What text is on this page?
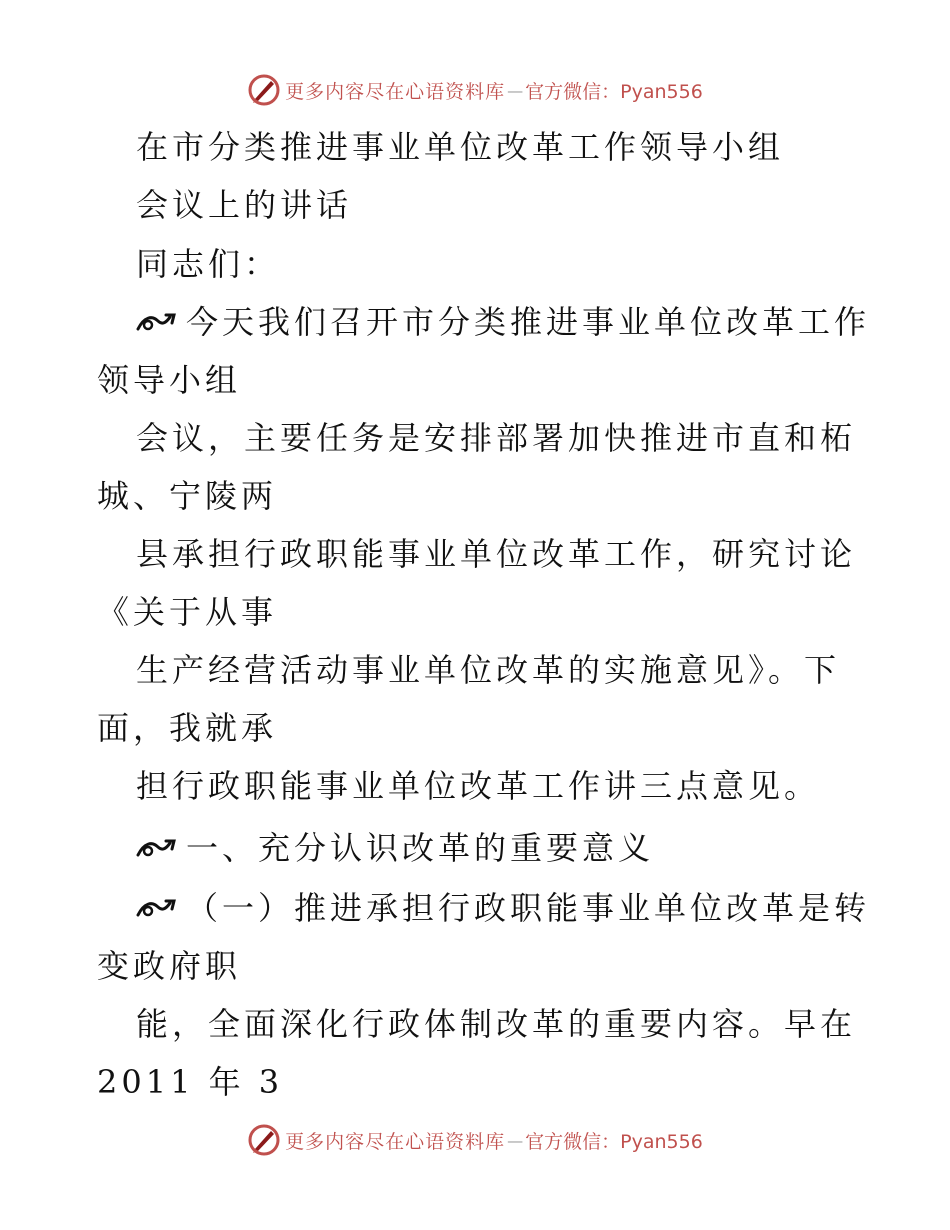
更多内容尽在心语资料库 — 官方微信：Pyan556
在市分类推进事业单位改革工作领导小组
会议上的讲话
同志们：
今天我们召开市分类推进事业单位改革工作
领导小组
会议，主要任务是安排部署加快推进市直和柘
城、宁陵两
县承担行政职能事业单位改革工作，研究讨论
《关于从事
生产经营活动事业单位改革的实施意见》。下
面，我就承
担行政职能事业单位改革工作讲三点意见。
一、充分认识改革的重要意义
（一）推进承担行政职能事业单位改革是转
变政府职
能，全面深化行政体制改革的重要内容。早在
2011 年 3
更多内容尽在心语资料库 — 官方微信：Pyan556
